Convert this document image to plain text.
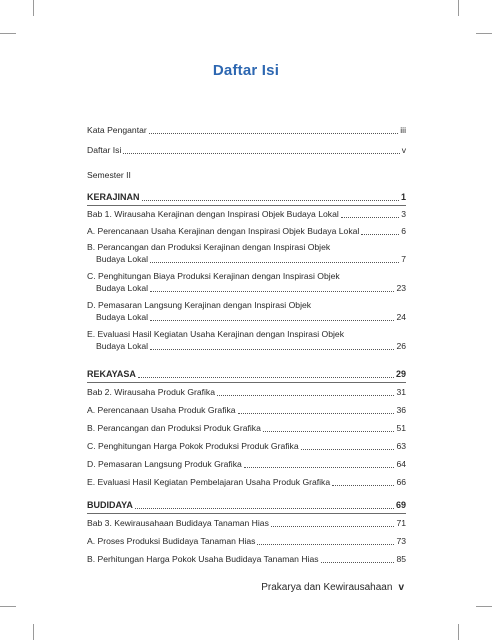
Daftar Isi
Kata Pengantar	iii
Daftar Isi	v
Semester II
KERAJINAN	1
Bab 1. Wirausaha Kerajinan dengan Inspirasi Objek Budaya Lokal	3
A. Perencanaan Usaha Kerajinan dengan Inspirasi Objek Budaya Lokal	6
B. Perancangan dan Produksi Kerajinan dengan Inspirasi Objek
Budaya Lokal	7
C. Penghitungan Biaya Produksi Kerajinan dengan Inspirasi Objek
Budaya Lokal	23
D. Pemasaran Langsung Kerajinan dengan Inspirasi Objek
Budaya Lokal	24
E. Evaluasi Hasil Kegiatan Usaha Kerajinan dengan Inspirasi Objek
Budaya Lokal	26
REKAYASA	29
Bab 2. Wirausaha Produk Grafika	31
A. Perencanaan Usaha Produk Grafika	36
B. Perancangan dan Produksi Produk Grafika	51
C. Penghitungan Harga Pokok Produksi Produk Grafika	63
D. Pemasaran Langsung Produk Grafika	64
E. Evaluasi Hasil Kegiatan Pembelajaran Usaha Produk Grafika	66
BUDIDAYA	69
Bab 3. Kewirausahaan Budidaya Tanaman Hias	71
A. Proses Produksi Budidaya Tanaman Hias	73
B. Perhitungan Harga Pokok Usaha Budidaya Tanaman Hias	85
Prakarya dan Kewirausahaan v
